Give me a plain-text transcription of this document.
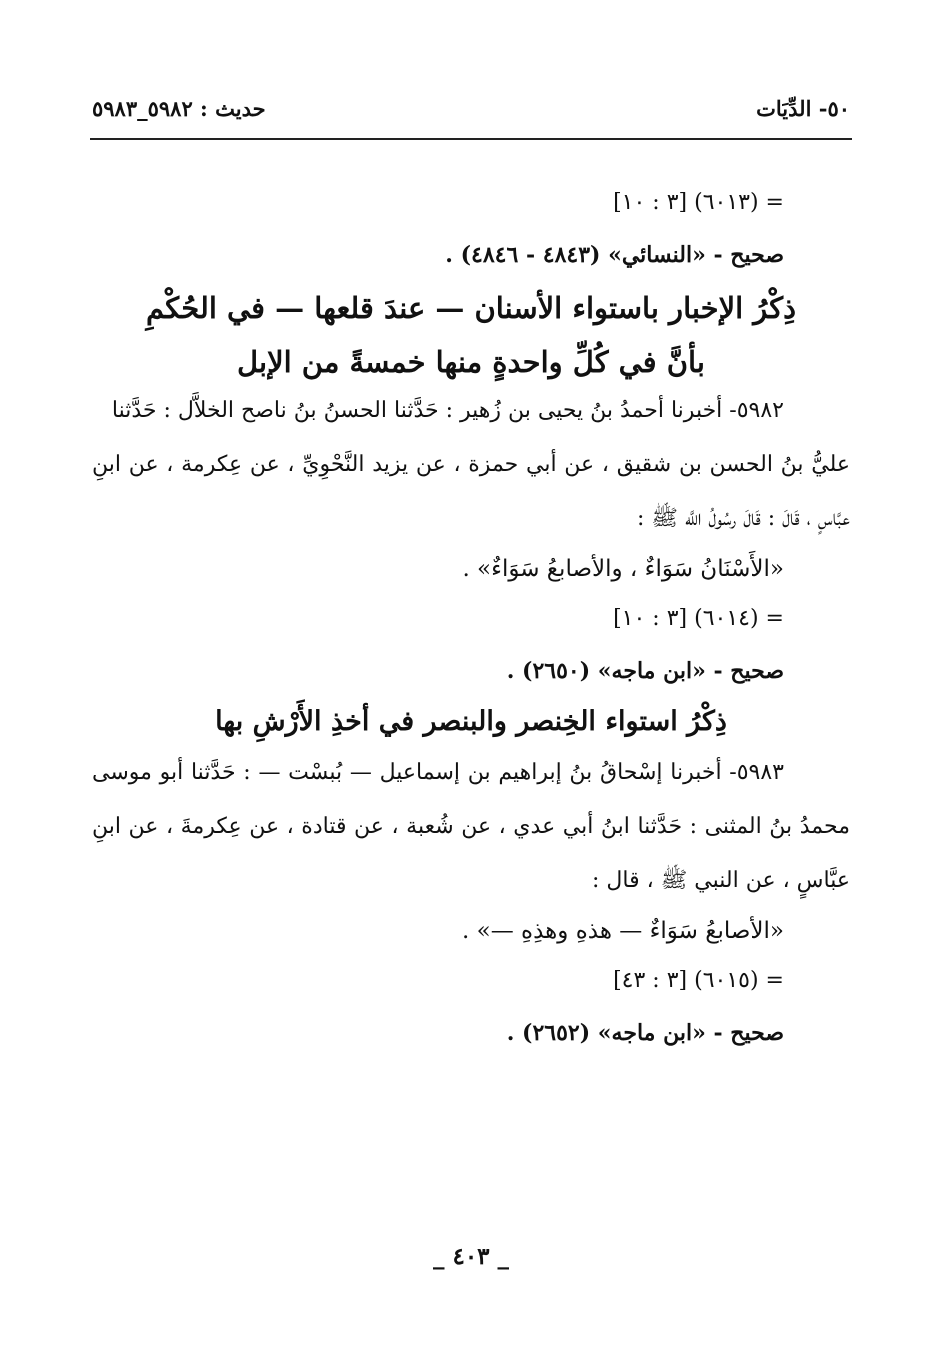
٥٠- الدِّيَات
حديث : ٥٩٨٢_٥٩٨٣
= (٦٠١٣) [٣ : ١٠]
صحيح - «النسائي» (٤٨٤٣ - ٤٨٤٦) .
ذِكْرُ الإخبار باستواء الأسنان — عندَ قلعها — في الحُكْمِ
بأنَّ في كُلِّ واحدةٍ منها خمسةً من الإبل
٥٩٨٢- أخبرنا أحمدُ بنُ يحيى بن زُهير : حَدَّثنا الحسنُ بنُ ناصح الخلاَّل : حَدَّثنا
عليُّ بنُ الحسن بن شقيق ، عن أبي حمزة ، عن يزيد النَّحْوِيِّ ، عن عِكرمة ، عن ابنِ
عبَّاسٍ ، قَالَ : قَالَ رسُولُ اللَّه ﷺ :
«الأَسْنَانُ سَوَاءٌ ، والأصابعُ سَوَاءٌ» .
= (٦٠١٤) [٣ : ١٠]
صحيح - «ابن ماجه» (٢٦٥٠) .
ذِكْرُ استواء الخِنصر والبنصر في أخذِ الأَرْشِ بها
٥٩٨٣- أخبرنا إسْحاقُ بنُ إبراهيم بن إسماعيل — بُبسْت — : حَدَّثنا أبو موسى
محمدُ بنُ المثنى : حَدَّثنا ابنُ أبي عدي ، عن شُعبة ، عن قتادة ، عن عِكرمةَ ، عن ابنِ
عبَّاسٍ ، عن النبي ﷺ ، قال :
«الأصابعُ سَوَاءٌ — هذهِ وهذِهِ —» .
= (٦٠١٥) [٣ : ٤٣]
صحيح - «ابن ماجه» (٢٦٥٢) .
_ ٤٠٣ _
